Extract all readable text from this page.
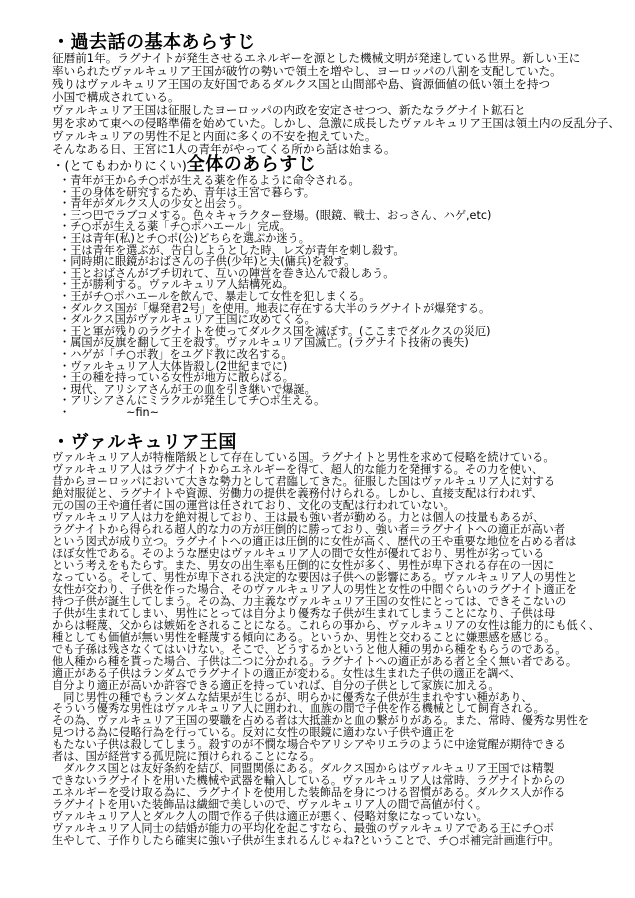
・過去話の基本あらすじ
征暦前1年。ラグナイトが発生させるエネルギーを源とした機械文明が発達している世界。新しい王に
率いられたヴァルキュリア王国が破竹の勢いで領土を増やし、ヨーロッパの八割を支配していた。
残りはヴァルキュリア王国の友好国であるダルクス国と山間部や島、資源価値の低い領土を持つ
小国で構成されている。
ヴァルキュリア王国は征服したヨーロッパの内政を安定させつつ、新たなラグナイト鉱石と
男を求めて東への侵略準備を始めていた。しかし、急激に成長したヴァルキュリア王国は領土内の反乱分子、
ヴァルキュリアの男性不足と内面に多くの不安を抱えていた。
そんなある日、王宮に1人の青年がやってくる所から話は始まる。
・(とてもわかりにくい)全体のあらすじ
・青年が王からチ○ポが生える薬を作るように命令される。
・王の身体を研究するため、青年は王宮で暮らす。
・青年がダルクス人の少女と出会う。
・三つ巴でラブコメする。色々キャラクター登場。(眼鏡、戦士、おっさん、ハゲ,etc)
・チ○ポが生える薬「チ○ポハエール」完成。
・王は青年(私)とチ○ポ(公)どちらを選ぶか迷う。
・王は青年を選ぶが、告白しようとした時、レズが青年を刺し殺す。
・同時期に眼鏡がおばさんの子供(少年)と夫(傭兵)を殺す。
・王とおばさんがブチ切れて、互いの陣営を巻き込んで殺しあう。
・王が勝利する。ヴァルキュリア人結構死ぬ。
・王がチ○ポハエールを飲んで、暴走して女性を犯しまくる。
・ダルクス国が「爆発君2号」を使用。地表に存在する大半のラグナイトが爆発する。
・ダルクス国がヴァルキュリア王国に攻めてくる。
・王と軍が残りのラグナイトを使ってダルクス国を滅ぼす。(ここまでダルクスの災厄)
・属国が反旗を翻して王を殺す。ヴァルキュリア国滅亡。(ラグナイト技術の喪失)
・ハゲが「チ○ポ教」をユグド教に改名する。
・ヴァルキュリア人大体皆殺し(2世紀までに)
・王の種を持っている女性が地方に散らばる。
・現代、アリシアさんが王の血を引き継いで爆誕。
・アリシアさんにミラクルが発生してチ○ポ生える。
・　　　　　~fin~
・ヴァルキュリア王国
ヴァルキュリア人が特権階級として存在している国。ラグナイトと男性を求めて侵略を続けている。
ヴァルキュリア人はラグナイトからエネルギーを得て、超人的な能力を発揮する。その力を使い、
昔からヨーロッパにおいて大きな勢力として君臨してきた。征服した国はヴァルキュリア人に対する
絶対服従と、ラグナイトや資源、労働力の提供を義務付けられる。しかし、直接支配は行われず、
元の国の王や適任者に国の運営は任されており、文化の支配は行われていない。
ヴァルキュリア人は力を絶対視しており、王は最も強い者が勤める。力とは個人の技量もあるが、
ラグナイトから得られる超人的な力の方が圧倒的に勝っており、強い者＝ラグナイトへの適正が高い者
という図式が成り立つ。ラグナイトへの適正は圧倒的に女性が高く、歴代の王や重要な地位を占める者は
ほぼ女性である。そのような歴史はヴァルキュリア人の間で女性が優れており、男性が劣っている
という考えをもたらす。また、男女の出生率も圧倒的に女性が多く、男性が卑下される存在の一因に
なっている。そして、男性が卑下される決定的な要因は子供への影響にある。ヴァルキュリア人の男性と
女性が交わり、子供を作った場合、そのヴァルキュリア人の男性と女性の中間ぐらいのラグナイト適正を
持つ子供が誕生してしまう。その為、力主義なヴァルキュリア王国の女性にとっては、できそこないの
子供が生まれてしまい、男性にとっては自分より優秀な子供が生まれてしまうことになり、子供は母
からは軽蔑、父からは嫉妬をされることになる。これらの事から、ヴァルキュリアの女性は能力的にも低く、
種としても価値が無い男性を軽蔑する傾向にある。というか、男性と交わることに嫌悪感を感じる。
でも子孫は残さなくてはいけない。そこで、どうするかというと他人種の男から種をもらうのである。
他人種から種を貰った場合、子供は二つに分かれる。ラグナイトへの適正がある者と全く無い者である。
適正がある子供はランダムでラグナイトの適正が変わる。女性は生まれた子供の適正を調べ、
自分より適正が高いか許容できる適正を持っていれば、自分の子供として家族に加える。
　同じ男性の種でもランダムな結果が生じるが、明らかに優秀な子供が生まれやすい種があり、
そういう優秀な男性はヴァルキュリア人に囲われ、血族の間で子供を作る機械として飼育される。
その為、ヴァルキュリア王国の要職を占める者は大抵誰かと血の繋がりがある。また、常時、優秀な男性を
見つける為に侵略行為を行っている。反対に女性の眼鏡に適わない子供や適正を
もたない子供は殺してしまう。殺すのが不憫な場合やアリシアやリエラのように中途覚醒が期待できる
者は、国が経営する孤児院に預けられることになる。
　ダルクス国とは友好条約を結び、同盟関係にある。ダルクス国からはヴァルキュリア王国では精製
できないラグナイトを用いた機械や武器を輸入している。ヴァルキュリア人は常時、ラグナイトからの
エネルギーを受け取る為に、ラグナイトを使用した装飾品を身につける習慣がある。ダルクス人が作る
ラグナイトを用いた装飾品は繊細で美しいので、ヴァルキュリア人の間で高値が付く。
ヴァルキュリア人とダルク人の間で作る子供は適正が悪く、侵略対象になっていない。
ヴァルキュリア人同士の結婚が能力の平均化を起こすなら、最強のヴァルキュリアである王にチ○ポ
生やして、子作りしたら確実に強い子供が生まれるんじゃね?ということで、チ○ポ補完計画進行中。
